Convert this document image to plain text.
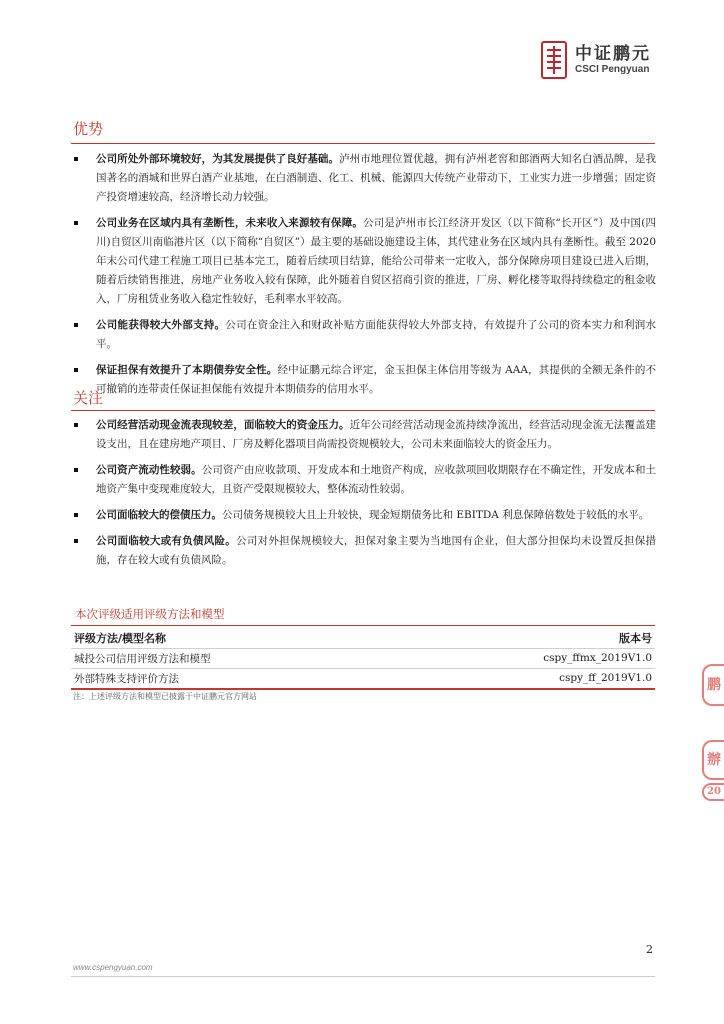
中证鹏元
CSCI Pengyuan
优势
公司所处外部环境较好，为其发展提供了良好基础。泸州市地理位置优越，拥有泸州老窖和郎酒两大知名白酒品牌，是我国著名的酒城和世界白酒产业基地，在白酒制造、化工、机械、能源四大传统产业带动下，工业实力进一步增强；固定资产投资增速较高，经济增长动力较强。
公司业务在区域内具有垄断性，未来收入来源较有保障。公司是泸州市长江经济开发区（以下简称“长开区”）及中国(四川)自贸区川南临港片区（以下简称“自贸区”）最主要的基础设施建设主体，其代建业务在区域内具有垄断性。截至 2020 年末公司代建工程施工项目已基本完工，随着后续项目结算，能给公司带来一定收入，部分保障房项目建设已进入后期，随着后续销售推进，房地产业务收入较有保障，此外随着自贸区招商引资的推进，厂房、孵化楼等取得持续稳定的租金收入，厂房租赁业务收入稳定性较好，毛利率水平较高。
公司能获得较大外部支持。公司在资金注入和财政补贴方面能获得较大外部支持，有效提升了公司的资本实力和利润水平。
保证担保有效提升了本期债券安全性。经中证鹏元综合评定，金玉担保主体信用等级为 AAA，其提供的全额无条件的不可撤销的连带责任保证担保能有效提升本期债券的信用水平。
关注
公司经营活动现金流表现较差，面临较大的资金压力。近年公司经营活动现金流持续净流出，经营活动现金流无法覆盖建设支出，且在建房地产项目、厂房及孵化器项目尚需投资规模较大，公司未来面临较大的资金压力。
公司资产流动性较弱。公司资产由应收款项、开发成本和土地资产构成，应收款项回收期限存在不确定性，开发成本和土地资产集中变现难度较大，且资产受限规模较大，整体流动性较弱。
公司面临较大的偿债压力。公司债务规模较大且上升较快，现金短期债务比和 EBITDA 利息保障倍数处于较低的水平。
公司面临较大或有负债风险。公司对外担保规模较大，担保对象主要为当地国有企业，但大部分担保均未设置反担保措施，存在较大或有负债风险。
本次评级适用评级方法和模型
评级方法/模型名称	版本号
城投公司信用评级方法和模型	cspy_ffmx_2019V1.0
外部特殊支持评价方法	cspy_ff_2019V1.0
注：上述评级方法和模型已披露于中证鹏元官方网站
鹏
辦
20
2
www.cspengyuan.com
